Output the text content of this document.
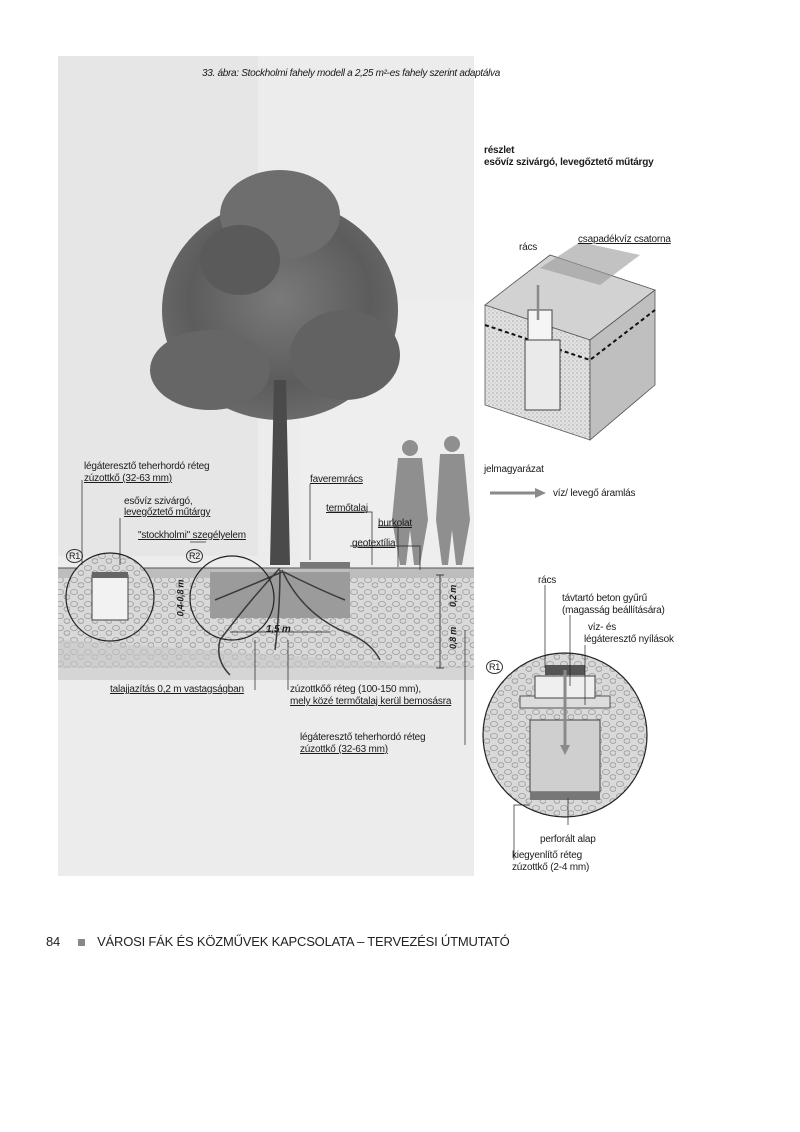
33. ábra: Stockholmi fahely modell a 2,25 m²-es fahely szerint adaptálva
részlet
esővíz szivárgó, levegőztető műtárgy
rács
csapadékvíz csatorna
jelmagyarázat
víz/ levegő áramlás
légáteresztő teherhordó réteg
zúzottkő (32-63 mm)
esővíz szivárgó,
levegőztető műtárgy
"stockholmi" szegélyelem
faveremrács
termőtalaj
burkolat
geotextília
R1	R2
0,4-0,8 m
1,5 m
0,2 m
0,8 m
talajjazítás 0,2 m vastagságban	zúzottkőő réteg (100-150 mm),
mely közé termőtalaj kerül bemosásra
légáteresztő teherhordó réteg
zúzottkő (32-63 mm)
rács
távtartó beton gyűrű
(magasság beállítására)
víz- és
légáteresztő nyílások
R1
perforált alap
kiegyenlítő réteg
zúzottkő (2-4 mm)
84	VÁROSI FÁK ÉS KÖZMŰVEK KAPCSOLATA – TERVEZÉSI ÚTMUTATÓ
